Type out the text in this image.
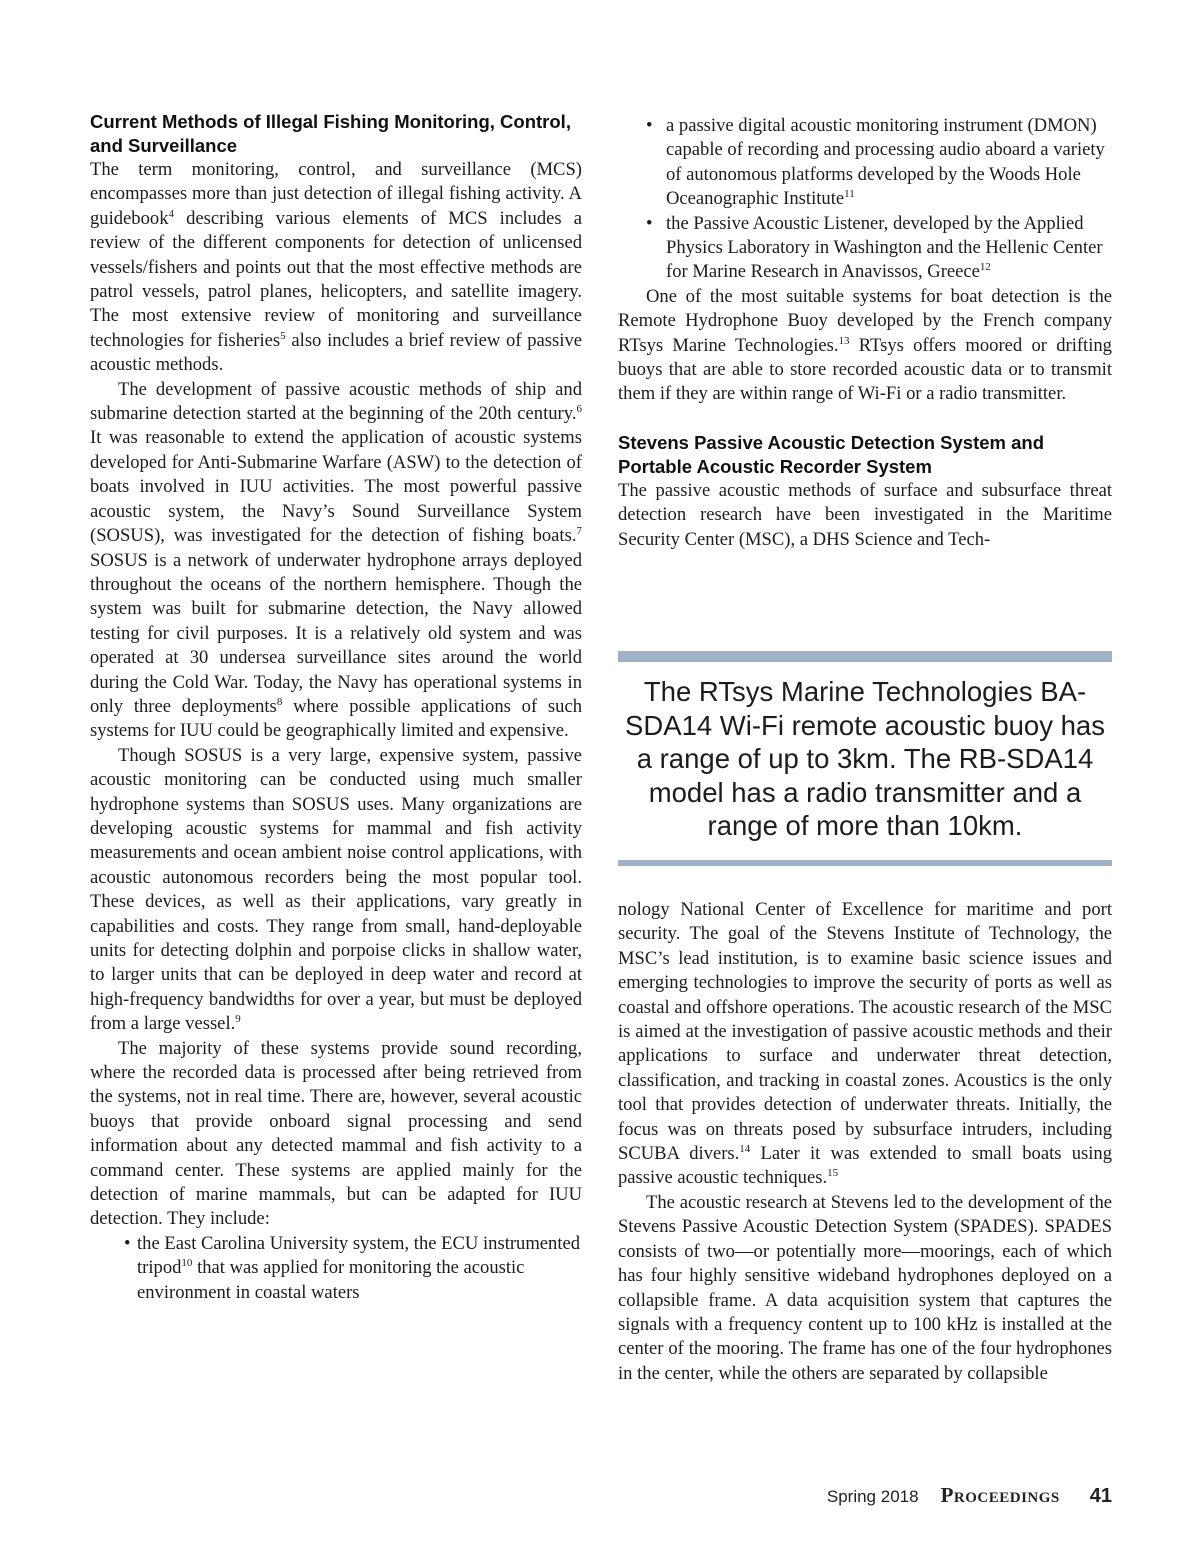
Current Methods of Illegal Fishing Monitoring, Control, and Surveillance

The term monitoring, control, and surveillance (MCS) encompasses more than just detection of illegal fishing activity. A guidebook$^4$ describing various elements of MCS includes a review of the different components for detection of unlicensed vessels/fishers and points out that the most effective methods are patrol vessels, patrol planes, helicopters, and satellite imagery. The most extensive review of monitoring and surveillance technologies for fisheries$^5$ also includes a brief review of passive acoustic methods.

The development of passive acoustic methods of ship and submarine detection started at the beginning of the 20th century.$^6$ It was reasonable to extend the application of acoustic systems developed for Anti-Submarine Warfare (ASW) to the detection of boats involved in IUU activities. The most powerful passive acoustic system, the Navy’s Sound Surveillance System (SOSUS), was investigated for the detection of fishing boats.$^7$ SOSUS is a network of underwater hydrophone arrays deployed throughout the oceans of the northern hemisphere. Though the system was built for submarine detection, the Navy allowed testing for civil purposes. It is a relatively old system and was operated at 30 undersea surveillance sites around the world during the Cold War. Today, the Navy has operational systems in only three deployments$^8$ where possible applications of such systems for IUU could be geographically limited and expensive.

Though SOSUS is a very large, expensive system, passive acoustic monitoring can be conducted using much smaller hydrophone systems than SOSUS uses. Many organizations are developing acoustic systems for mammal and fish activity measurements and ocean ambient noise control applications, with acoustic autonomous recorders being the most popular tool. These devices, as well as their applications, vary greatly in capabilities and costs. They range from small, hand-deployable units for detecting dolphin and porpoise clicks in shallow water, to larger units that can be deployed in deep water and record at high-frequency bandwidths for over a year, but must be deployed from a large vessel.$^9$

The majority of these systems provide sound recording, where the recorded data is processed after being retrieved from the systems, not in real time. There are, however, several acoustic buoys that provide onboard signal processing and send information about any detected mammal and fish activity to a command center. These systems are applied mainly for the detection of marine mammals, but can be adapted for IUU detection. They include:

• the East Carolina University system, the ECU instrumented tripod$^{10}$ that was applied for monitoring the acoustic environment in coastal waters
• a passive digital acoustic monitoring instrument (DMON) capable of recording and processing audio aboard a variety of autonomous platforms developed by the Woods Hole Oceanographic Institute$^{11}$
• the Passive Acoustic Listener, developed by the Applied Physics Laboratory in Washington and the Hellenic Center for Marine Research in Anavissos, Greece$^{12}$

One of the most suitable systems for boat detection is the Remote Hydrophone Buoy developed by the French company RTsys Marine Technologies.$^{13}$ RTsys offers moored or drifting buoys that are able to store recorded acoustic data or to transmit them if they are within range of Wi-Fi or a radio transmitter.

Stevens Passive Acoustic Detection System and Portable Acoustic Recorder System

The passive acoustic methods of surface and subsurface threat detection research have been investigated in the Maritime Security Center (MSC), a DHS Science and Tech-

The RTsys Marine Technologies BA-SDA14 Wi-Fi remote acoustic buoy has a range of up to 3km. The RB-SDA14 model has a radio transmitter and a range of more than 10km.

nology National Center of Excellence for maritime and port security. The goal of the Stevens Institute of Technology, the MSC’s lead institution, is to examine basic science issues and emerging technologies to improve the security of ports as well as coastal and offshore operations. The acoustic research of the MSC is aimed at the investigation of passive acoustic methods and their applications to surface and underwater threat detection, classification, and tracking in coastal zones. Acoustics is the only tool that provides detection of underwater threats. Initially, the focus was on threats posed by subsurface intruders, including SCUBA divers.$^{14}$ Later it was extended to small boats using passive acoustic techniques.$^{15}$

The acoustic research at Stevens led to the development of the Stevens Passive Acoustic Detection System (SPADES). SPADES consists of two—or potentially more—moorings, each of which has four highly sensitive wideband hydrophones deployed on a collapsible frame. A data acquisition system that captures the signals with a frequency content up to 100 kHz is installed at the center of the mooring. The frame has one of the four hydrophones in the center, while the others are separated by collapsible

Spring 2018 Proceedings 41
